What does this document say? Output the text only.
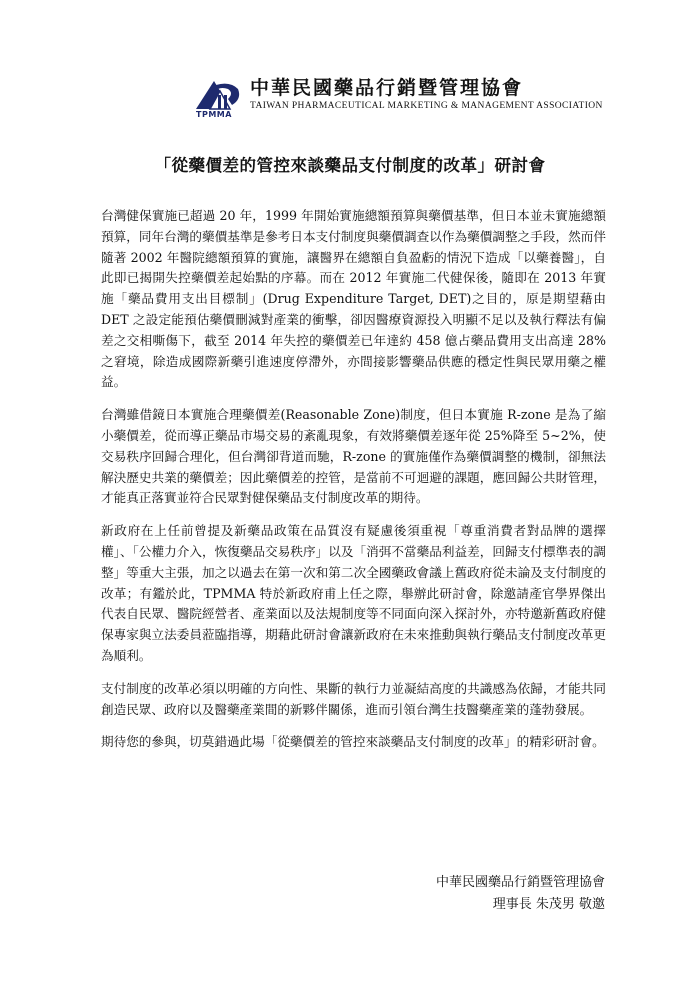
TPMMA
中華民國藥品行銷暨管理協會
TAIWAN PHARMACEUTICAL MARKETING & MANAGEMENT ASSOCIATION
「從藥價差的管控來談藥品支付制度的改革」研討會

台灣健保實施已超過 20 年，1999 年開始實施總額預算與藥價基準，但日本並未實施總額預算，同年台灣的藥價基準是參考日本支付制度與藥價調查以作為藥價調整之手段，然而伴隨著 2002 年醫院總額預算的實施，讓醫界在總額自負盈虧的情況下造成「以藥養醫」，自此即已揭開失控藥價差起始點的序幕。而在 2012 年實施二代健保後，隨即在 2013 年實施「藥品費用支出目標制」(Drug Expenditure Target, DET)之目的，原是期望藉由 DET 之設定能預估藥價刪減對產業的衝擊，卻因醫療資源投入明顯不足以及執行釋法有偏差之交相嘶傷下，截至 2014 年失控的藥價差已年達約 458 億占藥品費用支出高達 28%之窘境，除造成國際新藥引進速度停滯外，亦間接影響藥品供應的穩定性與民眾用藥之權益。

台灣雖借鏡日本實施合理藥價差(Reasonable Zone)制度，但日本實施 R-zone 是為了縮小藥價差，從而導正藥品市場交易的紊亂現象，有效將藥價差逐年從 25%降至 5~2%，使交易秩序回歸合理化，但台灣卻背道而馳，R-zone 的實施僅作為藥價調整的機制，卻無法解決歷史共業的藥價差；因此藥價差的控管，是當前不可迴避的課題，應回歸公共財管理，才能真正落實並符合民眾對健保藥品支付制度改革的期待。

新政府在上任前曾提及新藥品政策在品質沒有疑慮後須重視「尊重消費者對品牌的選擇權」、「公權力介入，恢復藥品交易秩序」以及「消弭不當藥品利益差，回歸支付標準表的調整」等重大主張，加之以過去在第一次和第二次全國藥政會議上舊政府從未論及支付制度的改革；有鑑於此，TPMMA 特於新政府甫上任之際，舉辦此研討會，除邀請產官學界傑出代表自民眾、醫院經營者、產業面以及法規制度等不同面向深入探討外，亦特邀新舊政府健保專家與立法委員蒞臨指導，期藉此研討會讓新政府在未來推動與執行藥品支付制度改革更為順利。

支付制度的改革必須以明確的方向性、果斷的執行力並凝結高度的共識感為依歸，才能共同創造民眾、政府以及醫藥產業間的新夥伴關係，進而引領台灣生技醫藥產業的蓬勃發展。

期待您的參與，切莫錯過此場「從藥價差的管控來談藥品支付制度的改革」的精彩研討會。

中華民國藥品行銷暨管理協會
理事長 朱茂男 敬邀
